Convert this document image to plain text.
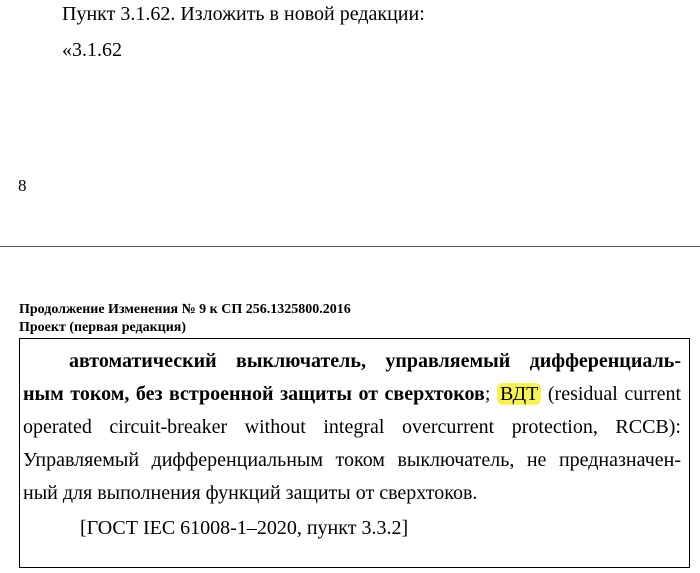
Пункт 3.1.62. Изложить в новой редакции:
«3.1.62
8
Продолжение Изменения № 9 к СП 256.1325800.2016
Проект (первая редакция)
автоматический выключатель, управляемый дифференциаль-
ным током, без встроенной защиты от сверхтоков; ВДТ (residual current
operated circuit-breaker without integral overcurrent protection, RCCB):
Управляемый дифференциальным током выключатель, не предназначен-
ный для выполнения функций защиты от сверхтоков.
[ГОСТ IEC 61008-1–2020, пункт 3.3.2]
